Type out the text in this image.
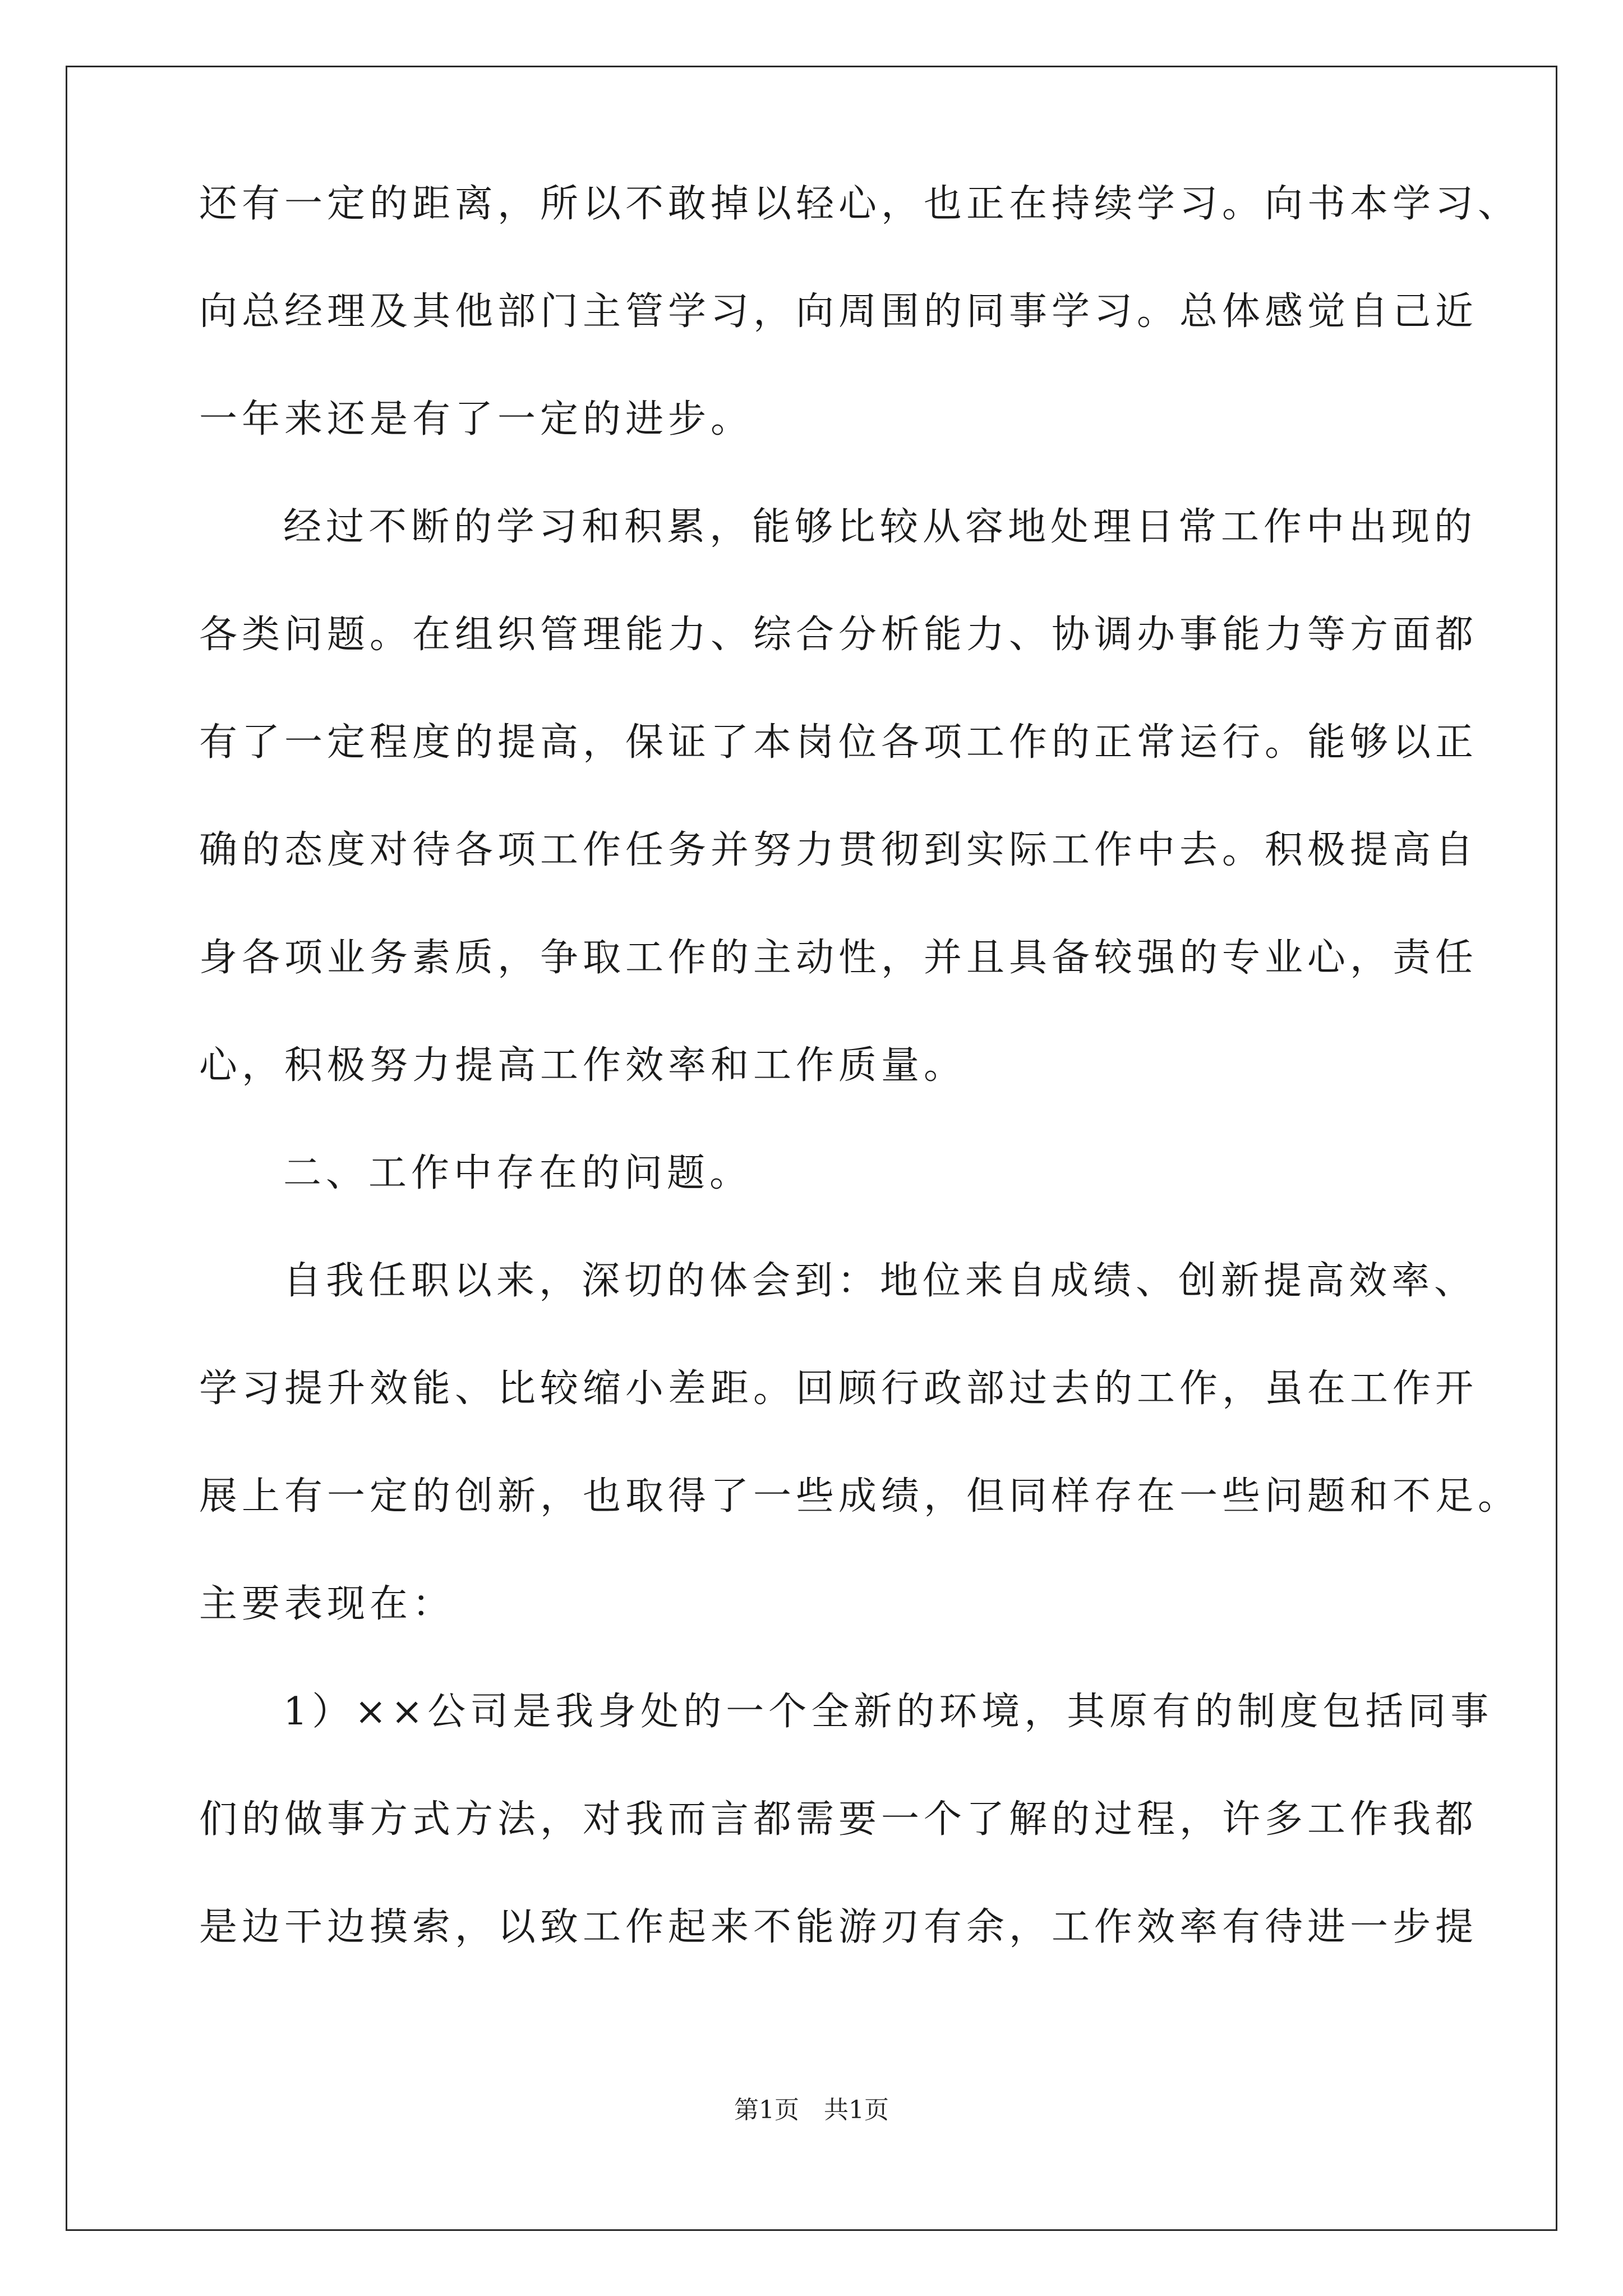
还有一定的距离，所以不敢掉以轻心，也正在持续学习。向书本学习、
向总经理及其他部门主管学习，向周围的同事学习。总体感觉自己近
一年来还是有了一定的进步。
经过不断的学习和积累，能够比较从容地处理日常工作中出现的
各类问题。在组织管理能力、综合分析能力、协调办事能力等方面都
有了一定程度的提高，保证了本岗位各项工作的正常运行。能够以正
确的态度对待各项工作任务并努力贯彻到实际工作中去。积极提高自
身各项业务素质，争取工作的主动性，并且具备较强的专业心，责任
心，积极努力提高工作效率和工作质量。
二、工作中存在的问题。
自我任职以来，深切的体会到：地位来自成绩、创新提高效率、
学习提升效能、比较缩小差距。回顾行政部过去的工作，虽在工作开
展上有一定的创新，也取得了一些成绩，但同样存在一些问题和不足。
主要表现在：
1）××公司是我身处的一个全新的环境，其原有的制度包括同事
们的做事方式方法，对我而言都需要一个了解的过程，许多工作我都
是边干边摸索，以致工作起来不能游刃有余，工作效率有待进一步提
第1页　共1页
